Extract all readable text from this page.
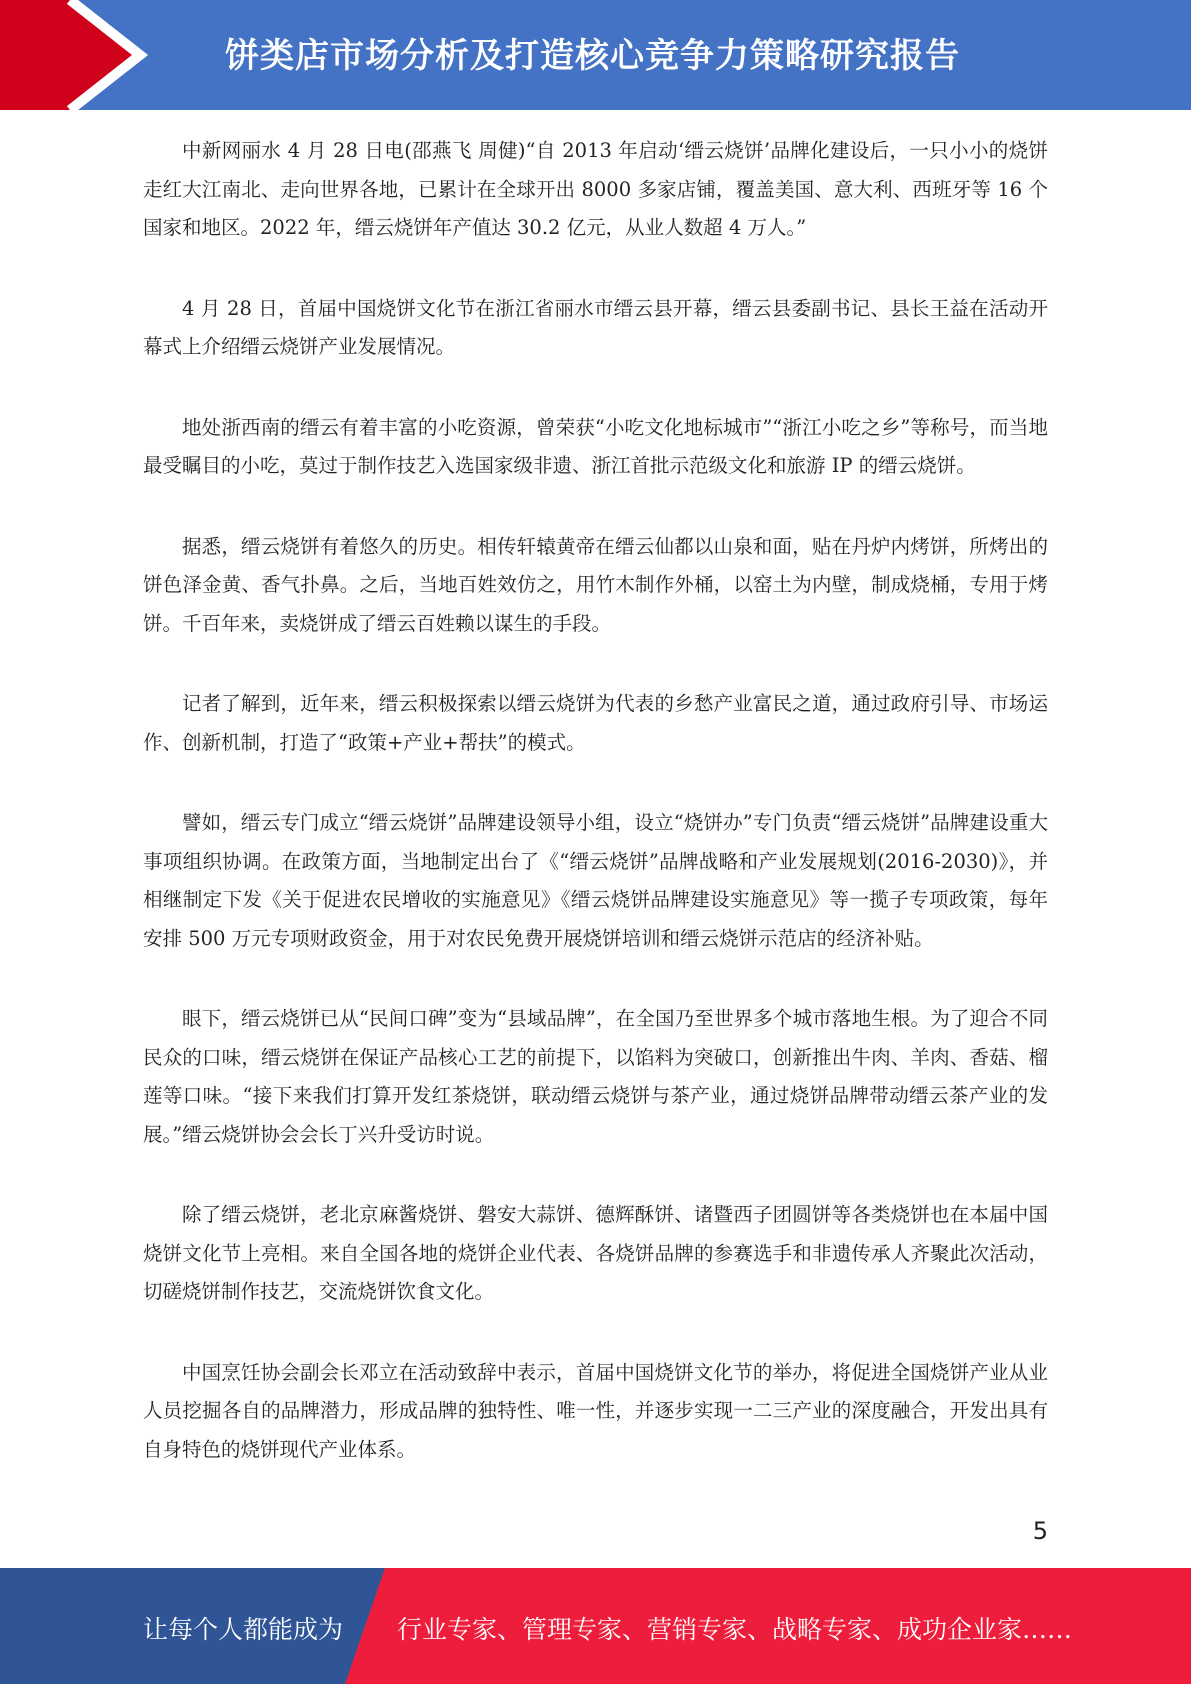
饼类店市场分析及打造核心竞争力策略研究报告

中新网丽水 4 月 28 日电(邵燕飞 周健)“自 2013 年启动‘缙云烧饼’品牌化建设后，一只小小的烧饼走红大江南北、走向世界各地，已累计在全球开出 8000 多家店铺，覆盖美国、意大利、西班牙等 16 个国家和地区。2022 年，缙云烧饼年产值达 30.2 亿元，从业人数超 4 万人。”

4 月 28 日，首届中国烧饼文化节在浙江省丽水市缙云县开幕，缙云县委副书记、县长王益在活动开幕式上介绍缙云烧饼产业发展情况。

地处浙西南的缙云有着丰富的小吃资源，曾荣获“小吃文化地标城市”“浙江小吃之乡”等称号，而当地最受瞩目的小吃，莫过于制作技艺入选国家级非遗、浙江首批示范级文化和旅游 IP 的缙云烧饼。

据悉，缙云烧饼有着悠久的历史。相传轩辕黄帝在缙云仙都以山泉和面，贴在丹炉内烤饼，所烤出的饼色泽金黄、香气扑鼻。之后，当地百姓效仿之，用竹木制作外桶，以窑土为内壁，制成烧桶，专用于烤饼。千百年来，卖烧饼成了缙云百姓赖以谋生的手段。

记者了解到，近年来，缙云积极探索以缙云烧饼为代表的乡愁产业富民之道，通过政府引导、市场运作、创新机制，打造了“政策+产业+帮扶”的模式。

譬如，缙云专门成立“缙云烧饼”品牌建设领导小组，设立“烧饼办”专门负责“缙云烧饼”品牌建设重大事项组织协调。在政策方面，当地制定出台了《“缙云烧饼”品牌战略和产业发展规划(2016-2030)》，并相继制定下发《关于促进农民增收的实施意见》《缙云烧饼品牌建设实施意见》等一揽子专项政策，每年安排 500 万元专项财政资金，用于对农民免费开展烧饼培训和缙云烧饼示范店的经济补贴。

眼下，缙云烧饼已从“民间口碑”变为“县域品牌”，在全国乃至世界多个城市落地生根。为了迎合不同民众的口味，缙云烧饼在保证产品核心工艺的前提下，以馅料为突破口，创新推出牛肉、羊肉、香菇、榴莲等口味。“接下来我们打算开发红茶烧饼，联动缙云烧饼与茶产业，通过烧饼品牌带动缙云茶产业的发展。”缙云烧饼协会会长丁兴升受访时说。

除了缙云烧饼，老北京麻酱烧饼、磐安大蒜饼、德辉酥饼、诸暨西子团圆饼等各类烧饼也在本届中国烧饼文化节上亮相。来自全国各地的烧饼企业代表、各烧饼品牌的参赛选手和非遗传承人齐聚此次活动，切磋烧饼制作技艺，交流烧饼饮食文化。

中国烹饪协会副会长邓立在活动致辞中表示，首届中国烧饼文化节的举办，将促进全国烧饼产业从业人员挖掘各自的品牌潜力，形成品牌的独特性、唯一性，并逐步实现一二三产业的深度融合，开发出具有自身特色的烧饼现代产业体系。

5
让每个人都能成为 行业专家、管理专家、营销专家、战略专家、成功企业家……
